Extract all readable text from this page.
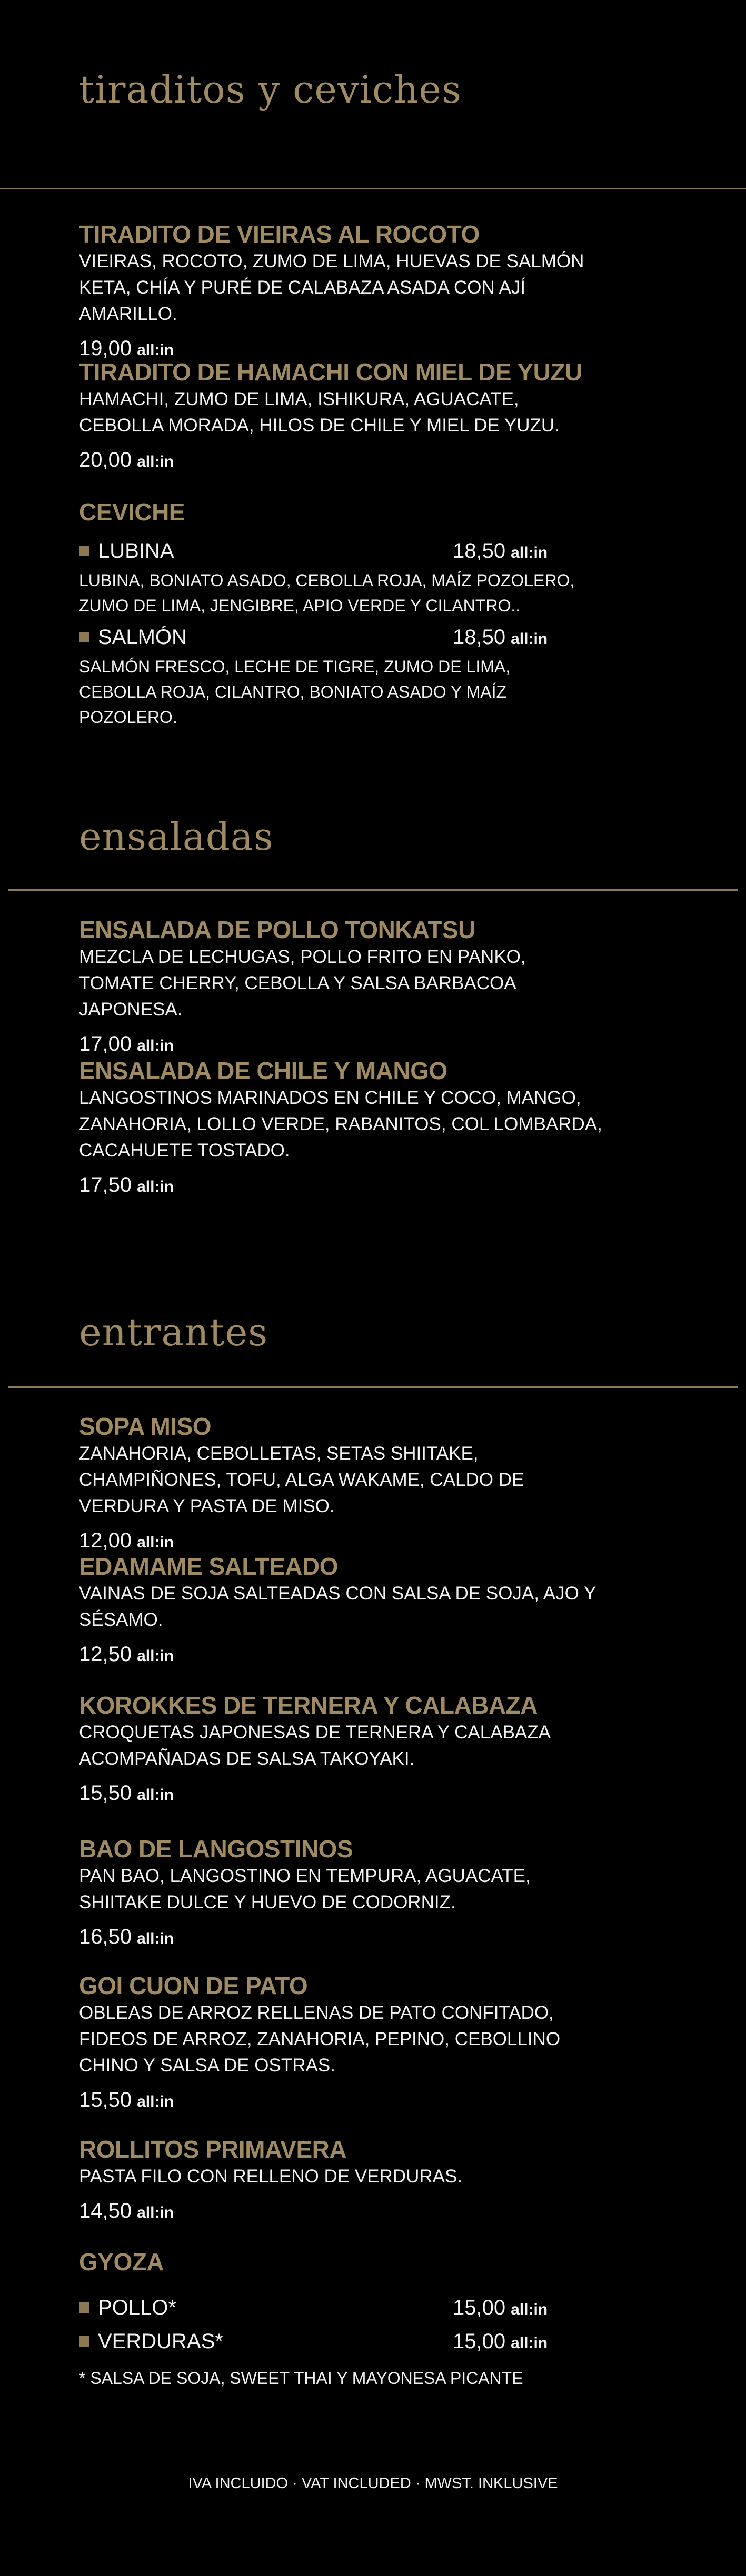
tiraditos y ceviches
TIRADITO DE VIEIRAS AL ROCOTO

VIEIRAS, ROCOTO, ZUMO DE LIMA, HUEVAS DE SALMÓN KETA, CHÍA Y PURÉ DE CALABAZA ASADA CON AJÍ AMARILLO.

19,00 all:in
TIRADITO DE HAMACHI CON MIEL DE YUZU

HAMACHI, ZUMO DE LIMA, ISHIKURA, AGUACATE, CEBOLLA MORADA, HILOS DE CHILE Y MIEL DE YUZU.

20,00 all:in
CEVICHE
LUBINA	18,50 all:in

LUBINA, BONIATO ASADO, CEBOLLA ROJA, MAÍZ POZOLERO, ZUMO DE LIMA, JENGIBRE, APIO VERDE Y CILANTRO..

SALMÓN	18,50 all:in

SALMÓN FRESCO, LECHE DE TIGRE, ZUMO DE LIMA, CEBOLLA ROJA, CILANTRO, BONIATO ASADO Y MAÍZ POZOLERO.

ensaladas
ENSALADA DE POLLO TONKATSU

MEZCLA DE LECHUGAS, POLLO FRITO EN PANKO, TOMATE CHERRY, CEBOLLA Y SALSA BARBACOA JAPONESA.

17,00 all:in
ENSALADA DE CHILE Y MANGO

LANGOSTINOS MARINADOS EN CHILE Y COCO, MANGO, ZANAHORIA, LOLLO VERDE, RABANITOS, COL LOMBARDA, CACAHUETE TOSTADO.

17,50 all:in
entrantes
SOPA MISO

ZANAHORIA, CEBOLLETAS, SETAS SHIITAKE, CHAMPIÑONES, TOFU, ALGA WAKAME, CALDO DE VERDURA Y PASTA DE MISO.

12,00 all:in
EDAMAME SALTEADO

VAINAS DE SOJA SALTEADAS CON SALSA DE SOJA, AJO Y SÉSAMO.

12,50 all:in
KOROKKES DE TERNERA Y CALABAZA

CROQUETAS JAPONESAS DE TERNERA Y CALABAZA ACOMPAÑADAS DE SALSA TAKOYAKI.

15,50 all:in
BAO DE LANGOSTINOS

PAN BAO, LANGOSTINO EN TEMPURA, AGUACATE, SHIITAKE DULCE Y HUEVO DE CODORNIZ.

16,50 all:in
GOI CUON DE PATO

OBLEAS DE ARROZ RELLENAS DE PATO CONFITADO, FIDEOS DE ARROZ, ZANAHORIA, PEPINO, CEBOLLINO CHINO Y SALSA DE OSTRAS.

15,50 all:in
ROLLITOS PRIMAVERA

PASTA FILO CON RELLENO DE VERDURAS.

14,50 all:in
GYOZA
POLLO*	15,00 all:in
VERDURAS*	15,00 all:in
* SALSA DE SOJA, SWEET THAI Y MAYONESA PICANTE
IVA INCLUIDO · VAT INCLUDED · MWST. INKLUSIVE
